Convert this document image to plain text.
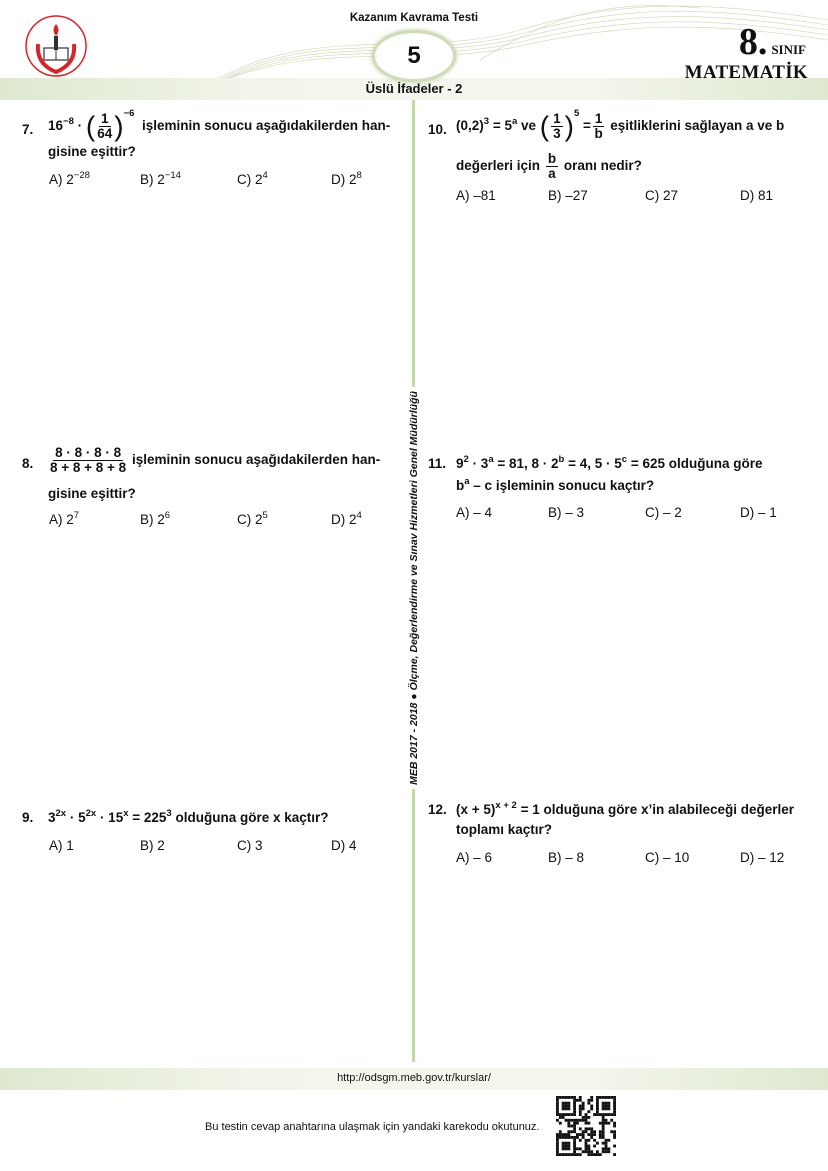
Kazanım Kavrama Testi
5	8. SINIF
MATEMATİK
Üslü İfadeler - 2
MEB 2017 - 2018 ● Ölçme, Değerlendirme ve Sınav Hizmetleri Genel Müdürlüğü
7. $16^{-8}$ · ( $\frac{1}{64} )^{-6}$  işleminin sonucu aşağıdakilerden han-
gisine eşittir?
A) $2^{-28}$	B) $2^{-14}$	C) $2^4$	D) $2^8$
10. $(0,2)^3 = 5^a$ ve ( $\frac{1}{3} )^5 = \frac{1}{b}$ eşitliklerini sağlayan a ve b
değerleri için $\frac{b}{a}$ oranı nedir?
A) –81	B) –27	C) 27	D) 81
8. $\frac{8 \cdot 8 \cdot 8 \cdot 8}{8 + 8 + 8 + 8}$ işleminin sonucu aşağıdakilerden han-
gisine eşittir?
A) $2^7$	B) $2^6$	C) $2^5$	D) $2^4$
11. $9^2 \cdot 3^a = 81$, $8 \cdot 2^b = 4$, $5 \cdot 5^c = 625$ olduğuna göre
$b^a$ – c işleminin sonucu kaçtır?
A) – 4	B) – 3	C) – 2	D) – 1
9. $3^{2x} \cdot 5^{2x} \cdot 15^x = 225^3$ olduğuna göre x kaçtır?
A) 1	B) 2	C) 3	D) 4
12. $(x + 5)^{x + 2} = 1$ olduğuna göre x’in alabileceği değerler
toplamı kaçtır?
A) – 6	B) – 8	C) – 10	D) – 12
http://odsgm.meb.gov.tr/kurslar/
Bu testin cevap anahtarına ulaşmak için yandaki karekodu okutunuz.
